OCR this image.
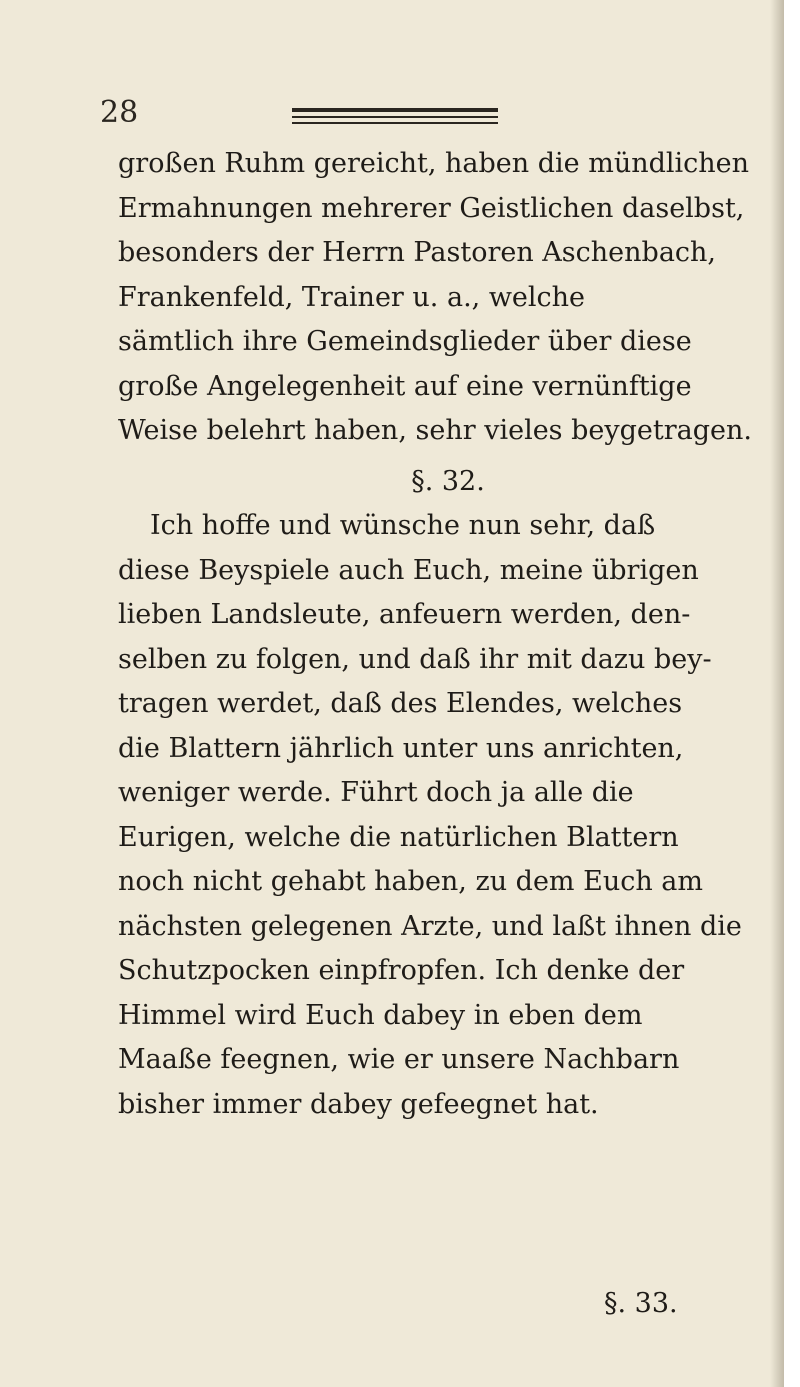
28
großen Ruhm gereicht, haben die mündlichen
Ermahnungen mehrerer Geistlichen daselbst,
besonders der Herrn Pastoren Aschenbach,
Frankenfeld, Trainer u. a., welche
sämtlich ihre Gemeindsglieder über diese
große Angelegenheit auf eine vernünftige
Weise belehrt haben, sehr vieles beygetragen.
§. 32.
Ich hoffe und wünsche nun sehr, daß
diese Beyspiele auch Euch, meine übrigen
lieben Landsleute, anfeuern werden, den-
selben zu folgen, und daß ihr mit dazu bey-
tragen werdet, daß des Elendes, welches
die Blattern jährlich unter uns anrichten,
weniger werde. Führt doch ja alle die
Eurigen, welche die natürlichen Blattern
noch nicht gehabt haben, zu dem Euch am
nächsten gelegenen Arzte, und laßt ihnen die
Schutzpocken einpfropfen. Ich denke der
Himmel wird Euch dabey in eben dem
Maaße feegnen, wie er unsere Nachbarn
bisher immer dabey gefeegnet hat.
§. 33.
